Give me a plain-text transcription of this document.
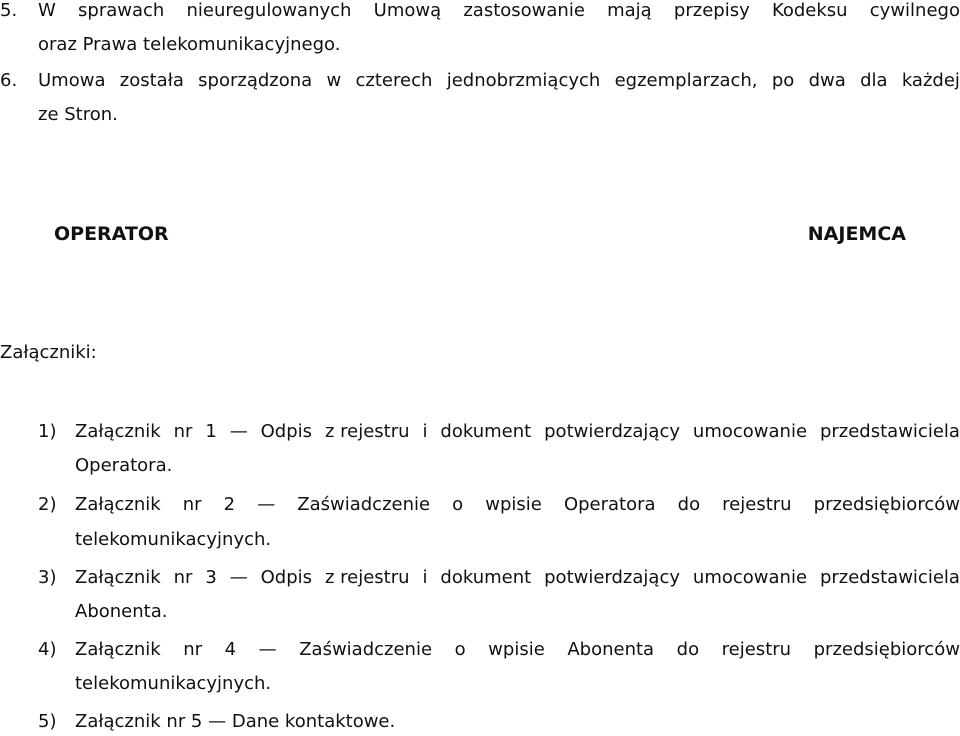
5. W sprawach nieuregulowanych Umową zastosowanie mają przepisy Kodeksu cywilnego
oraz Prawa telekomunikacyjnego.
6. Umowa została sporządzona w czterech jednobrzmiących egzemplarzach, po dwa dla każdej
ze Stron.
OPERATOR	NAJEMCA
Załączniki:
1) Załącznik nr 1 — Odpis z rejestru i dokument potwierdzający umocowanie przedstawiciela
Operatora.
2) Załącznik nr 2 — Zaświadczenie o wpisie Operatora do rejestru przedsiębiorców
telekomunikacyjnych.
3) Załącznik nr 3 — Odpis z rejestru i dokument potwierdzający umocowanie przedstawiciela
Abonenta.
4) Załącznik nr 4 — Zaświadczenie o wpisie Abonenta do rejestru przedsiębiorców
telekomunikacyjnych.
5) Załącznik nr 5 — Dane kontaktowe.
